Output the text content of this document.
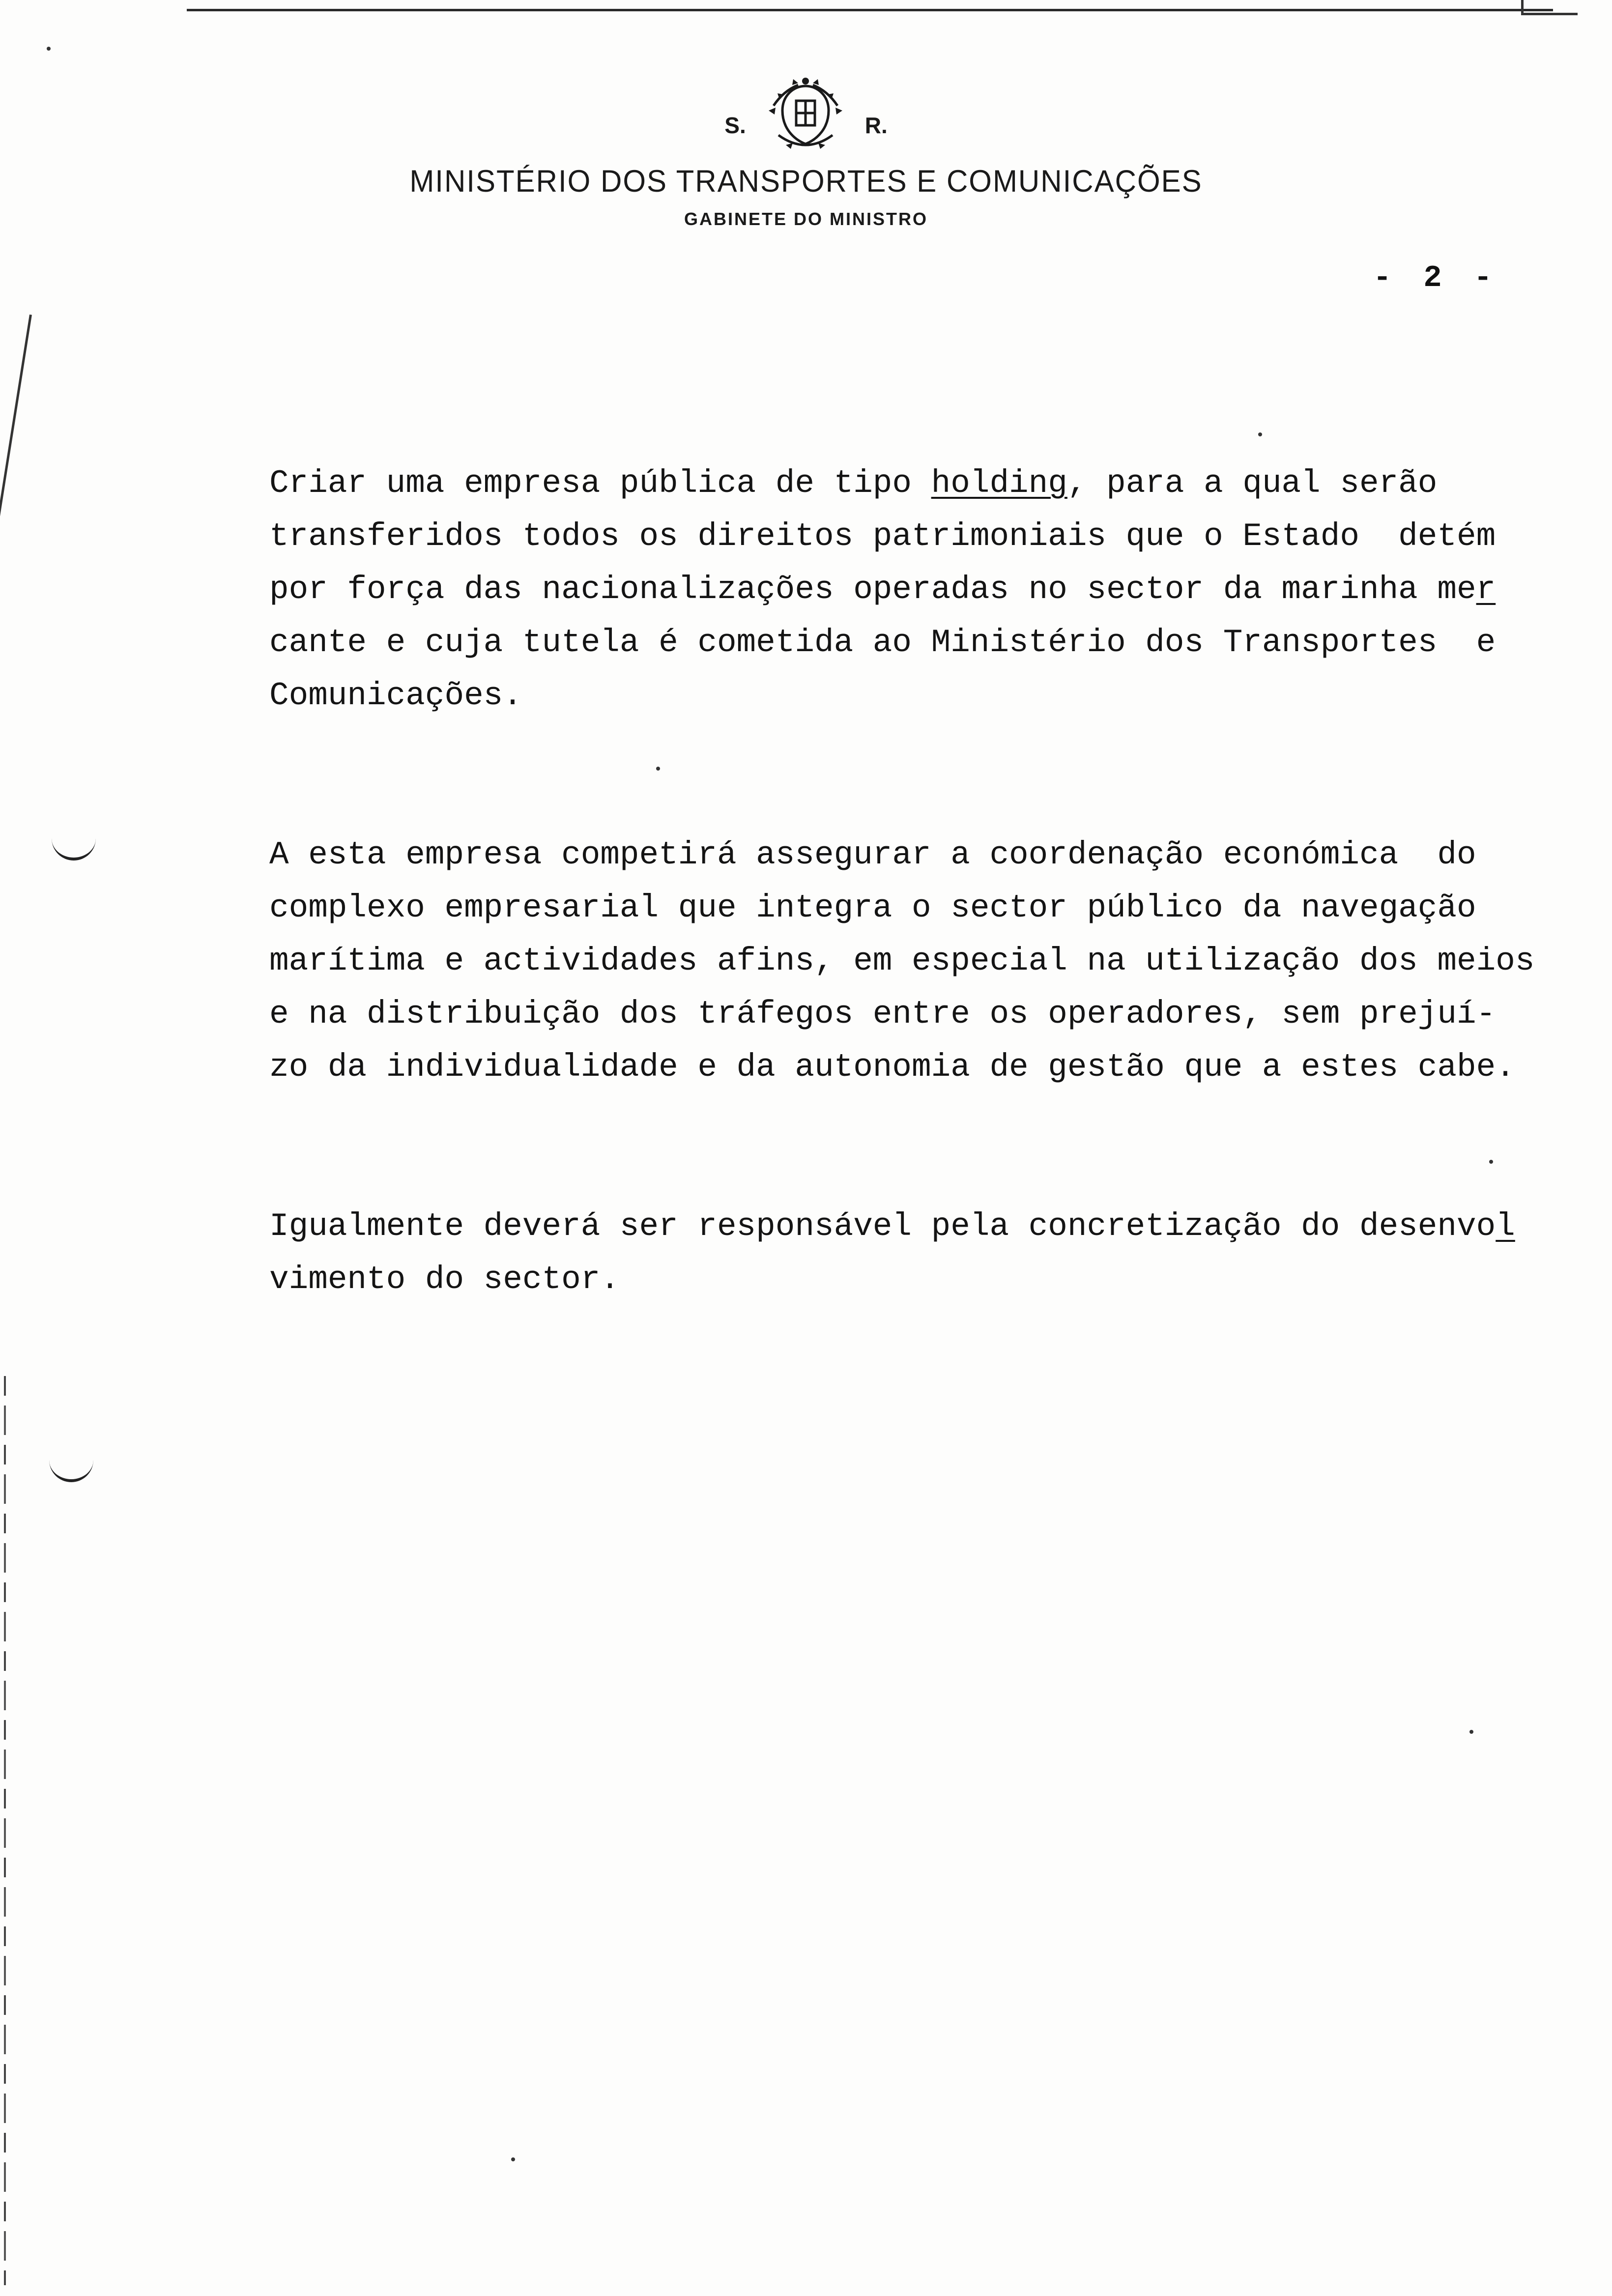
S.	R.
MINISTÉRIO DOS TRANSPORTES E COMUNICAÇÕES
GABINETE DO MINISTRO
- 2 -

Criar uma empresa pública de tipo holding, para a qual serão
transferidos todos os direitos patrimoniais que o Estado  detém
por força das nacionalizações operadas no sector da marinha mer
cante e cuja tutela é cometida ao Ministério dos Transportes  e
Comunicações.

A esta empresa competirá assegurar a coordenação económica  do
complexo empresarial que integra o sector público da navegação
marítima e actividades afins, em especial na utilização dos meios
e na distribuição dos tráfegos entre os operadores, sem prejuí-
zo da individualidade e da autonomia de gestão que a estes cabe.

Igualmente deverá ser responsável pela concretização do desenvol
vimento do sector.
